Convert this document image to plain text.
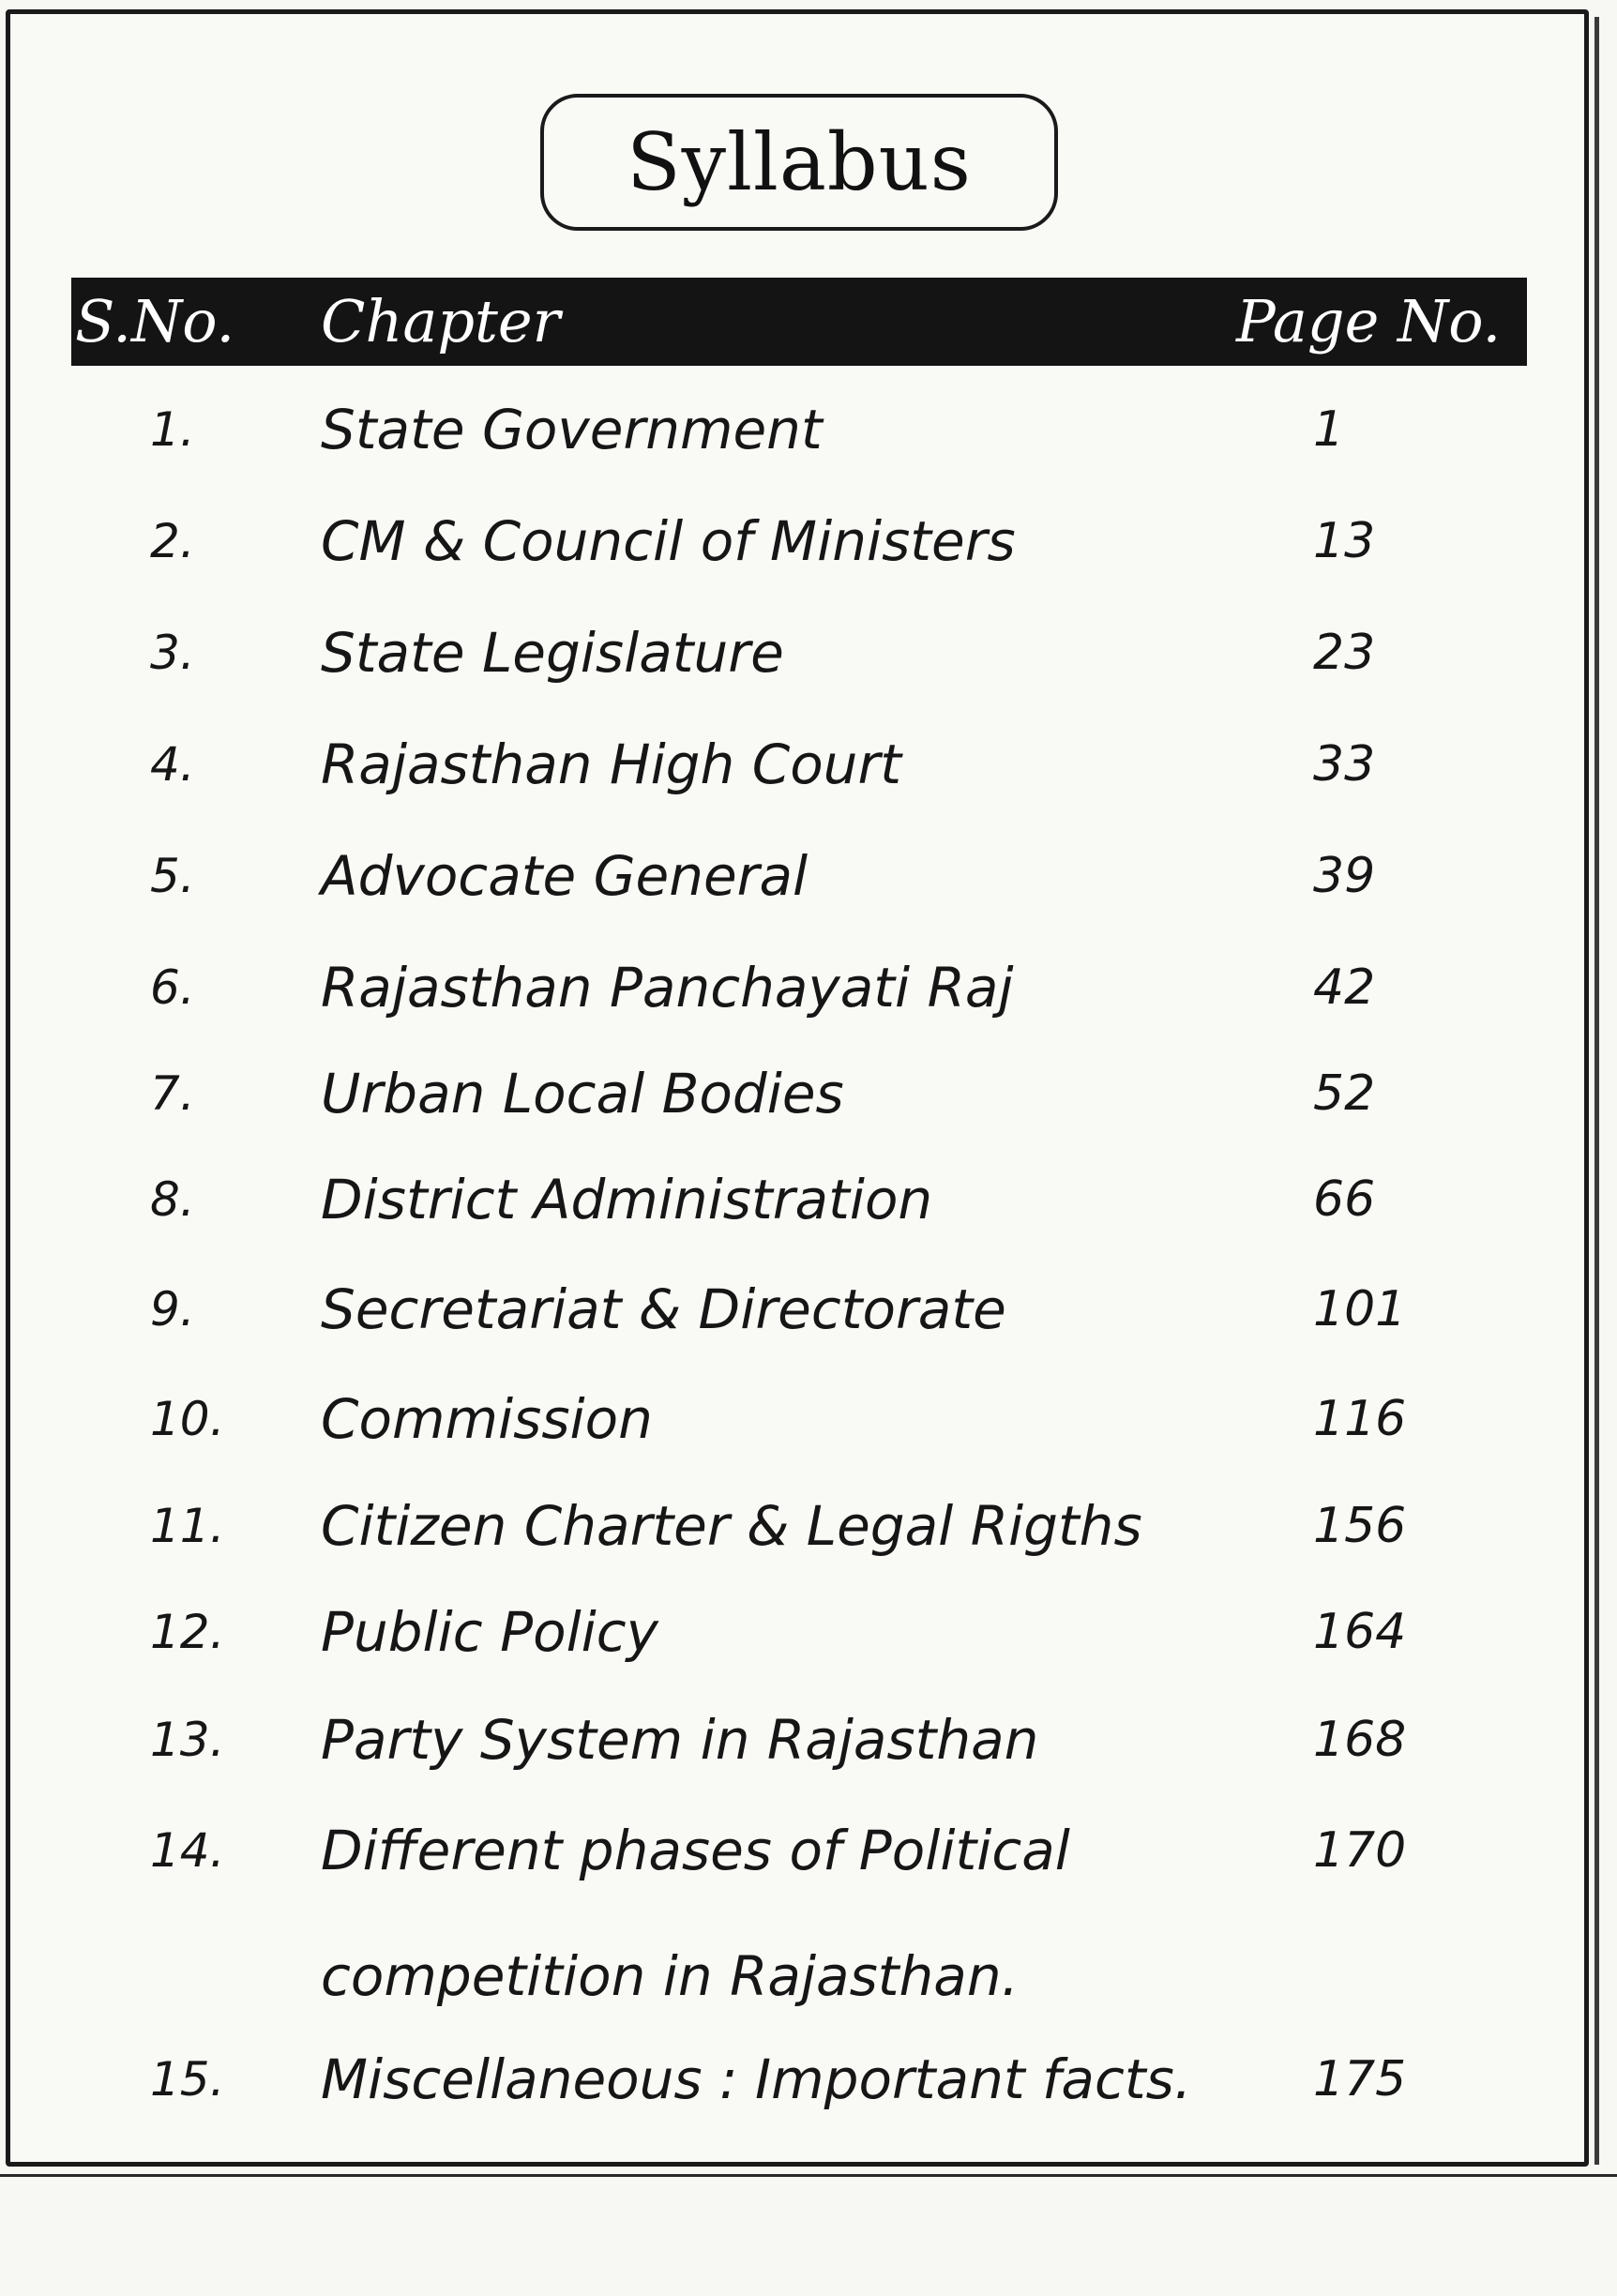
Syllabus
S.No. Chapter	Page No.
1. State Government	1
2. CM & Council of Ministers	13
3. State Legislature	23
4. Rajasthan High Court	33
5. Advocate General	39
6. Rajasthan Panchayati Raj	42
7. Urban Local Bodies	52
8. District Administration	66
9. Secretariat & Directorate	101
10. Commission	116
11. Citizen Charter & Legal Rigths	156
12. Public Policy	164
13. Party System in Rajasthan	168
14. Different phases of Political	170
competition in Rajasthan.
15. Miscellaneous : Important facts. 175
